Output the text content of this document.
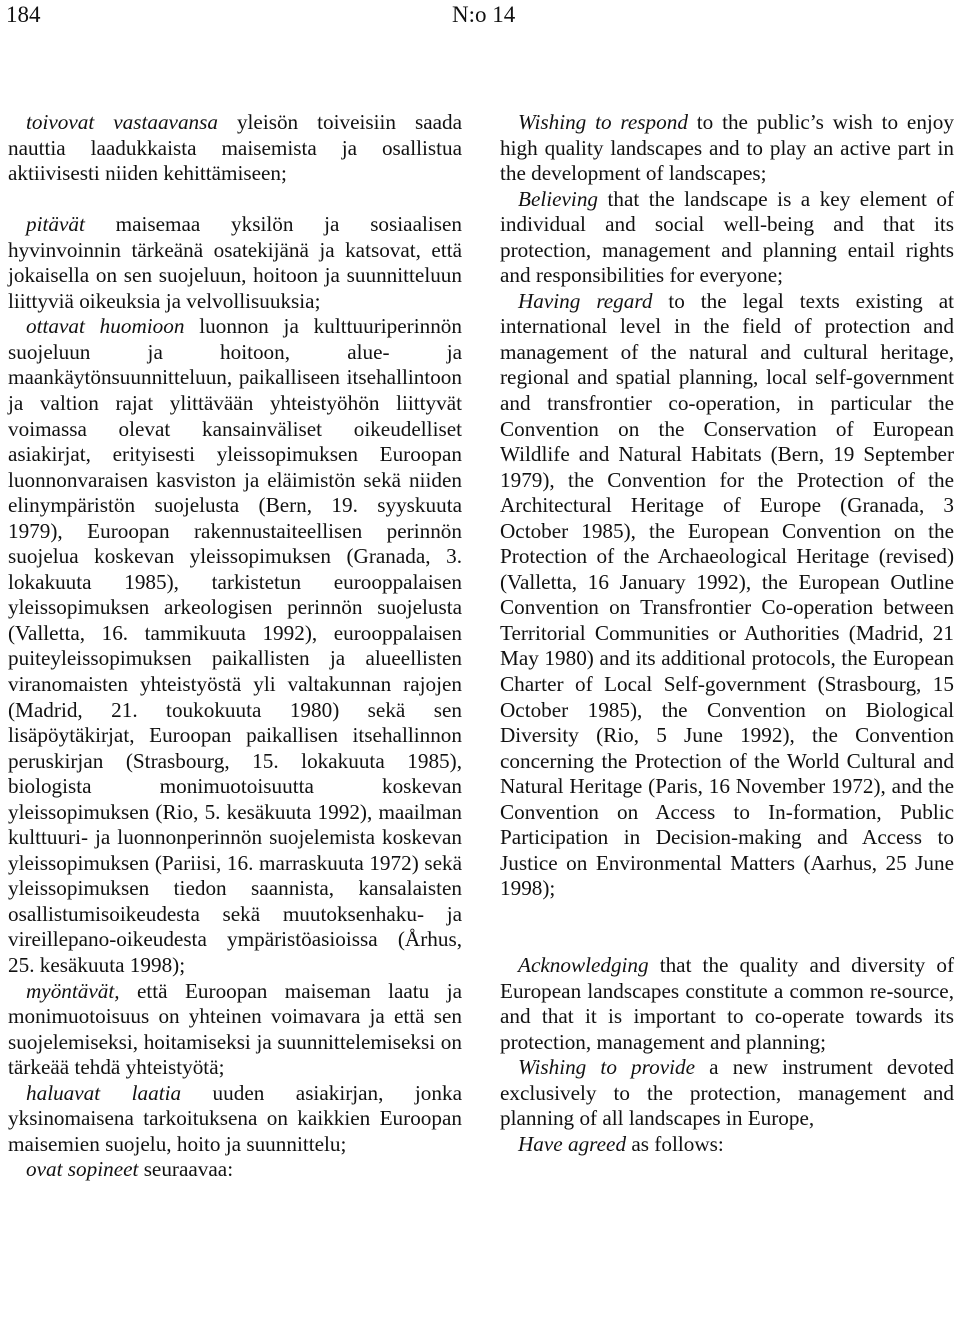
184	N:o 14

toivovat vastaavansa yleisön toiveisiin saada nauttia laadukkaista maisemista ja osallistua aktiivisesti niiden kehittämiseen;

pitävät maisemaa yksilön ja sosiaalisen hyvinvoinnin tärkeänä osatekijänä ja katsovat, että jokaisella on sen suojeluun, hoitoon ja suunnitteluun liittyviä oikeuksia ja velvollisuuksia;

ottavat huomioon luonnon ja kulttuuriperinnön suojeluun ja hoitoon, alue- ja maankäytönsuunnitteluun, paikalliseen itsehallintoon ja valtion rajat ylittävään yhteistyöhön liittyvät voimassa olevat kansainväliset oikeudelliset asiakirjat, erityisesti yleissopimuksen Euroopan luonnonvaraisen kasviston ja eläimistön sekä niiden elinympäristön suojelusta (Bern, 19. syyskuuta 1979), Euroopan rakennustaiteellisen perinnön suojelua koskevan yleissopimuksen (Granada, 3. lokakuuta 1985), tarkistetun eurooppalaisen yleissopimuksen arkeologisen perinnön suojelusta (Valletta, 16. tammikuuta 1992), eurooppalaisen puiteyleissopimuksen paikallisten ja alueellisten viranomaisten yhteistyöstä yli valtakunnan rajojen (Madrid, 21. toukokuuta 1980) sekä sen lisäpöytäkirjat, Euroopan paikallisen itsehallinnon peruskirjan (Strasbourg, 15. lokakuuta 1985), biologista monimuotoisuutta koskevan yleissopimuksen (Rio, 5. kesäkuuta 1992), maailman kulttuuri- ja luonnonperinnön suojelemista koskevan yleissopimuksen (Pariisi, 16. marraskuuta 1972) sekä yleissopimuksen tiedon saannista, kansalaisten osallistumisoikeudesta sekä muutoksenhaku- ja vireillepano-oikeudesta ympäristöasioissa (Århus, 25. kesäkuuta 1998);

myöntävät, että Euroopan maiseman laatu ja monimuotoisuus on yhteinen voimavara ja että sen suojelemiseksi, hoitamiseksi ja suunnittelemiseksi on tärkeää tehdä yhteistyötä;

haluavat laatia uuden asiakirjan, jonka yksinomaisena tarkoituksena on kaikkien Euroopan maisemien suojelu, hoito ja suunnittelu;

ovat sopineet seuraavaa:

Wishing to respond to the public’s wish to enjoy high quality landscapes and to play an active part in the development of landscapes;

Believing that the landscape is a key element of individual and social well-being and that its protection, management and planning entail rights and responsibilities for everyone;

Having regard to the legal texts existing at international level in the field of protection and management of the natural and cultural heritage, regional and spatial planning, local self-government and transfrontier co-operation, in particular the Convention on the Conservation of European Wildlife and Natural Habitats (Bern, 19 September 1979), the Convention for the Protection of the Architectural Heritage of Europe (Granada, 3 October 1985), the European Convention on the Protection of the Archaeological Heritage (revised) (Valletta, 16 January 1992), the European Outline Convention on Transfrontier Co-operation between Territorial Communities or Authorities (Madrid, 21 May 1980) and its additional protocols, the European Charter of Local Self-government (Strasbourg, 15 October 1985), the Convention on Biological Diversity (Rio, 5 June 1992), the Convention concerning the Protection of the World Cultural and Natural Heritage (Paris, 16 November 1972), and the Convention on Access to In-formation, Public Participation in Decision-making and Access to Justice on Environmental Matters (Aarhus, 25 June 1998);

Acknowledging that the quality and diversity of European landscapes constitute a common re-source, and that it is important to co-operate towards its protection, management and planning;

Wishing to provide a new instrument devoted exclusively to the protection, management and planning of all landscapes in Europe,

Have agreed as follows:
